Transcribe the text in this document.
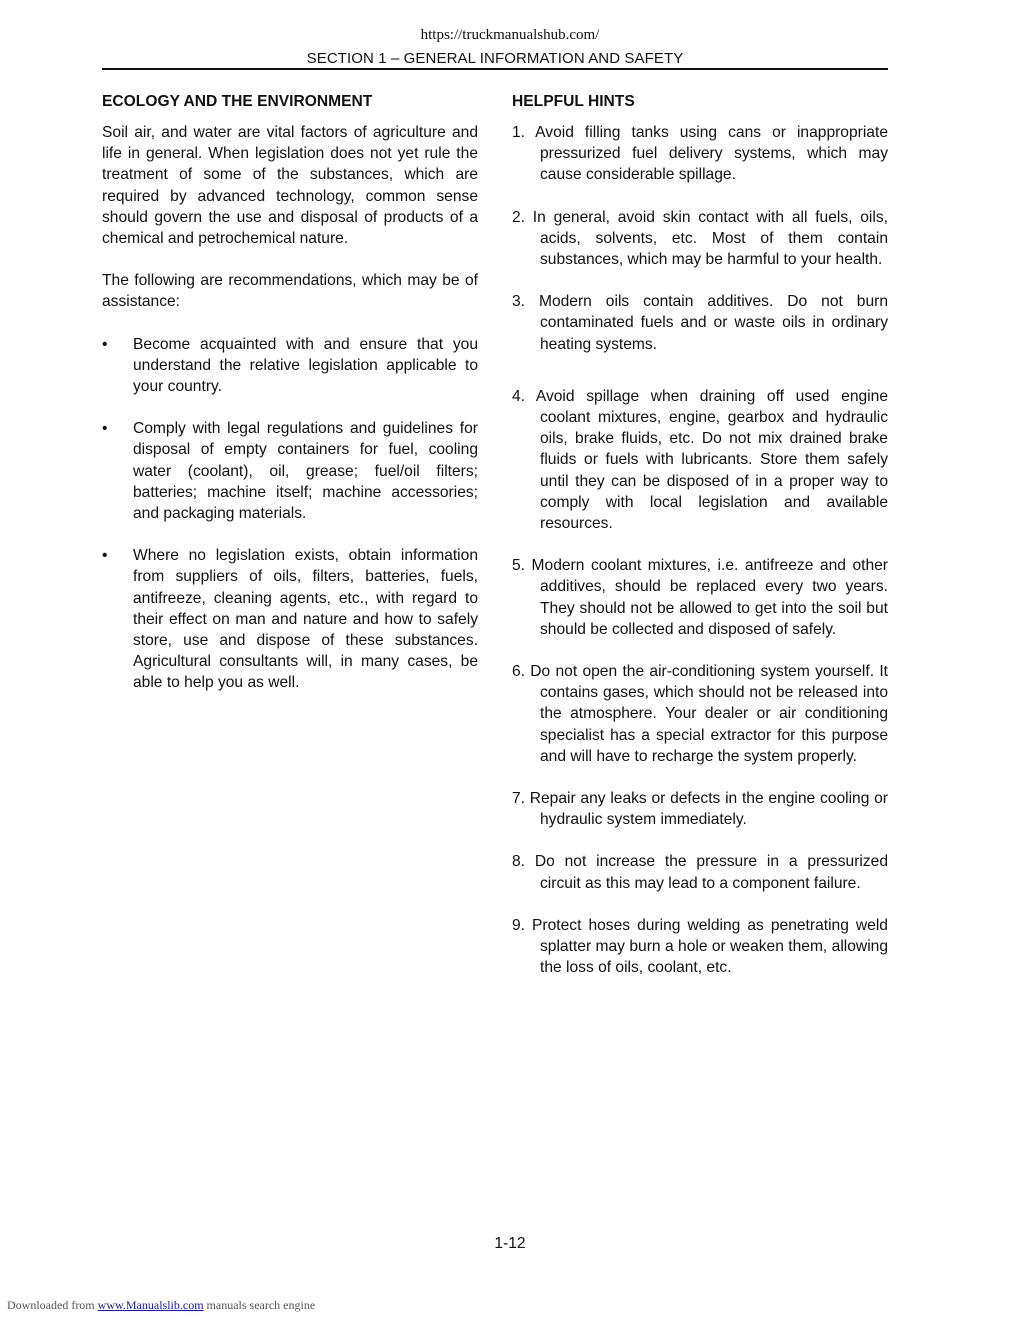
https://truckmanualshub.com/
SECTION 1 – GENERAL INFORMATION AND SAFETY
ECOLOGY AND THE ENVIRONMENT

Soil air, and water are vital factors of agriculture and life in general. When legislation does not yet rule the treatment of some of the substances, which are required by advanced technology, common sense should govern the use and disposal of products of a chemical and petrochemical nature.

The following are recommendations, which may be of assistance:

• Become acquainted with and ensure that you understand the relative legislation applicable to your country.
• Comply with legal regulations and guidelines for disposal of empty containers for fuel, cooling water (coolant), oil, grease; fuel/oil filters; batteries; machine itself; machine accessories; and packaging materials.
• Where no legislation exists, obtain information from suppliers of oils, filters, batteries, fuels, antifreeze, cleaning agents, etc., with regard to their effect on man and nature and how to safely store, use and dispose of these substances. Agricultural consultants will, in many cases, be able to help you as well.
HELPFUL HINTS
1. Avoid filling tanks using cans or inappropriate pressurized fuel delivery systems, which may cause considerable spillage.
2. In general, avoid skin contact with all fuels, oils, acids, solvents, etc. Most of them contain substances, which may be harmful to your health.
3. Modern oils contain additives. Do not burn contaminated fuels and or waste oils in ordinary heating systems.
4. Avoid spillage when draining off used engine coolant mixtures, engine, gearbox and hydraulic oils, brake fluids, etc. Do not mix drained brake fluids or fuels with lubricants. Store them safely until they can be disposed of in a proper way to comply with local legislation and available resources.
5. Modern coolant mixtures, i.e. antifreeze and other additives, should be replaced every two years. They should not be allowed to get into the soil but should be collected and disposed of safely.
6. Do not open the air-conditioning system yourself. It contains gases, which should not be released into the atmosphere. Your dealer or air conditioning specialist has a special extractor for this purpose and will have to recharge the system properly.
7. Repair any leaks or defects in the engine cooling or hydraulic system immediately.
8. Do not increase the pressure in a pressurized circuit as this may lead to a component failure.
9. Protect hoses during welding as penetrating weld splatter may burn a hole or weaken them, allowing the loss of oils, coolant, etc.
1-12
Downloaded from www.Manualslib.com manuals search engine
